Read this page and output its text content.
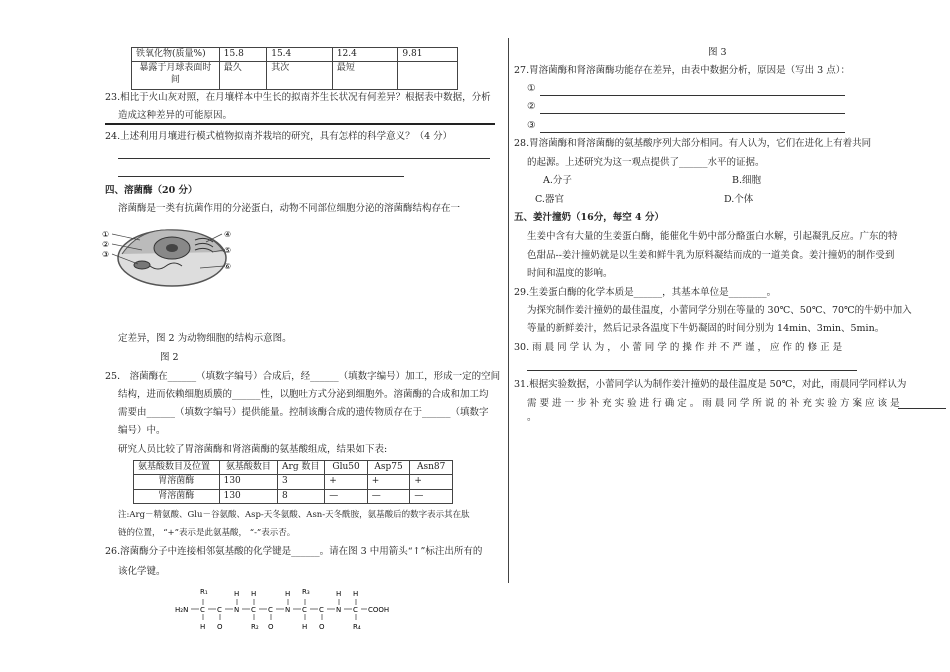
铁氧化物(质量%)	15.8	15.4	12.4	9.81
暴露于月球表面时间	最久	其次	最短	
23.相比于火山灰对照，在月壤样本中生长的拟南芥生长状况有何差异？根据表中数据，分析
造成这种差异的可能原因。
24.上述利用月壤进行模式植物拟南芥栽培的研究，具有怎样的科学意义？（4 分）
四、溶菌酶（20 分）
溶菌酶是一类有抗菌作用的分泌蛋白，动物不同部位细胞分泌的溶菌酶结构存在一
①
②
③
④
⑤
⑥
定差异，图 2 为动物细胞的结构示意图。
图 2
25． 溶菌酶在______（填数字编号）合成后，经______（填数字编号）加工，形成一定的空间
结构，进而依赖细胞质膜的______性，以胞吐方式分泌到细胞外。溶菌酶的合成和加工均
需要由______（填数字编号）提供能量。控制该酶合成的遗传物质存在于______（填数字
编号）中。
研究人员比较了胃溶菌酶和肾溶菌酶的氨基酸组成，结果如下表:
氨基酸数目及位置	氨基酸数目	Arg 数目	Glu50	Asp75	Asn87
胃溶菌酶	130	3	+	+	+
肾溶菌酶	130	8	—	—	—
注:Arg－精氨酸、Glu－谷氨酸、Asp-天冬氨酸、Asn-天冬酰胺，氨基酸后的数字表示其在肽
链的位置， “+”表示是此氨基酸， “-”表示否。
26.溶菌酶分子中连接相邻氨基酸的化学键是______。请在图 3 中用箭头“↑”标注出所有的
该化学键。
H₂N C
R₁
H
C
O
N
H
C
H
R₂
C
O
N
H
C
R₃
H
C
O
N
H
C
H
R₄
COOH
图 3
27.胃溶菌酶和肾溶菌酶功能存在差异，由表中数据分析，原因是（写出 3 点）：
①
②
③
28.胃溶菌酶和肾溶菌酶的氨基酸序列大部分相同。有人认为，它们在进化上有着共同
的起源。上述研究为这一观点提供了______水平的证据。
A.分子	B.细胞
C.器官	D.个体
五、姜汁撞奶（16分，每空 4 分）
生姜中含有大量的生姜蛋白酶，能催化牛奶中部分酪蛋白水解，引起凝乳反应。广东的特
色甜品--姜汁撞奶就是以生姜和鲜牛乳为原料凝结而成的一道美食。姜汁撞奶的制作受到
时间和温度的影响。
29.生姜蛋白酶的化学本质是______，其基本单位是________。
为探究制作姜汁撞奶的最佳温度，小蕾同学分别在等量的 30℃、50℃、70℃的牛奶中加入
等量的新鲜姜汁，然后记录各温度下牛奶凝固的时间分别为 14min、3min、5min。
30. 雨 晨 同 学 认 为 ， 小 蕾 同 学 的 操 作 并 不 严 谨 ， 应 作 的 修 正 是
31.根据实验数据，小蕾同学认为制作姜汁撞奶的最佳温度是 50℃，对此，雨晨同学同样认为
需 要 进 一 步 补 充 实 验 进 行 确 定 。 雨 晨 同 学 所 说 的 补 充 实 验 方 案 应 该 是
。
